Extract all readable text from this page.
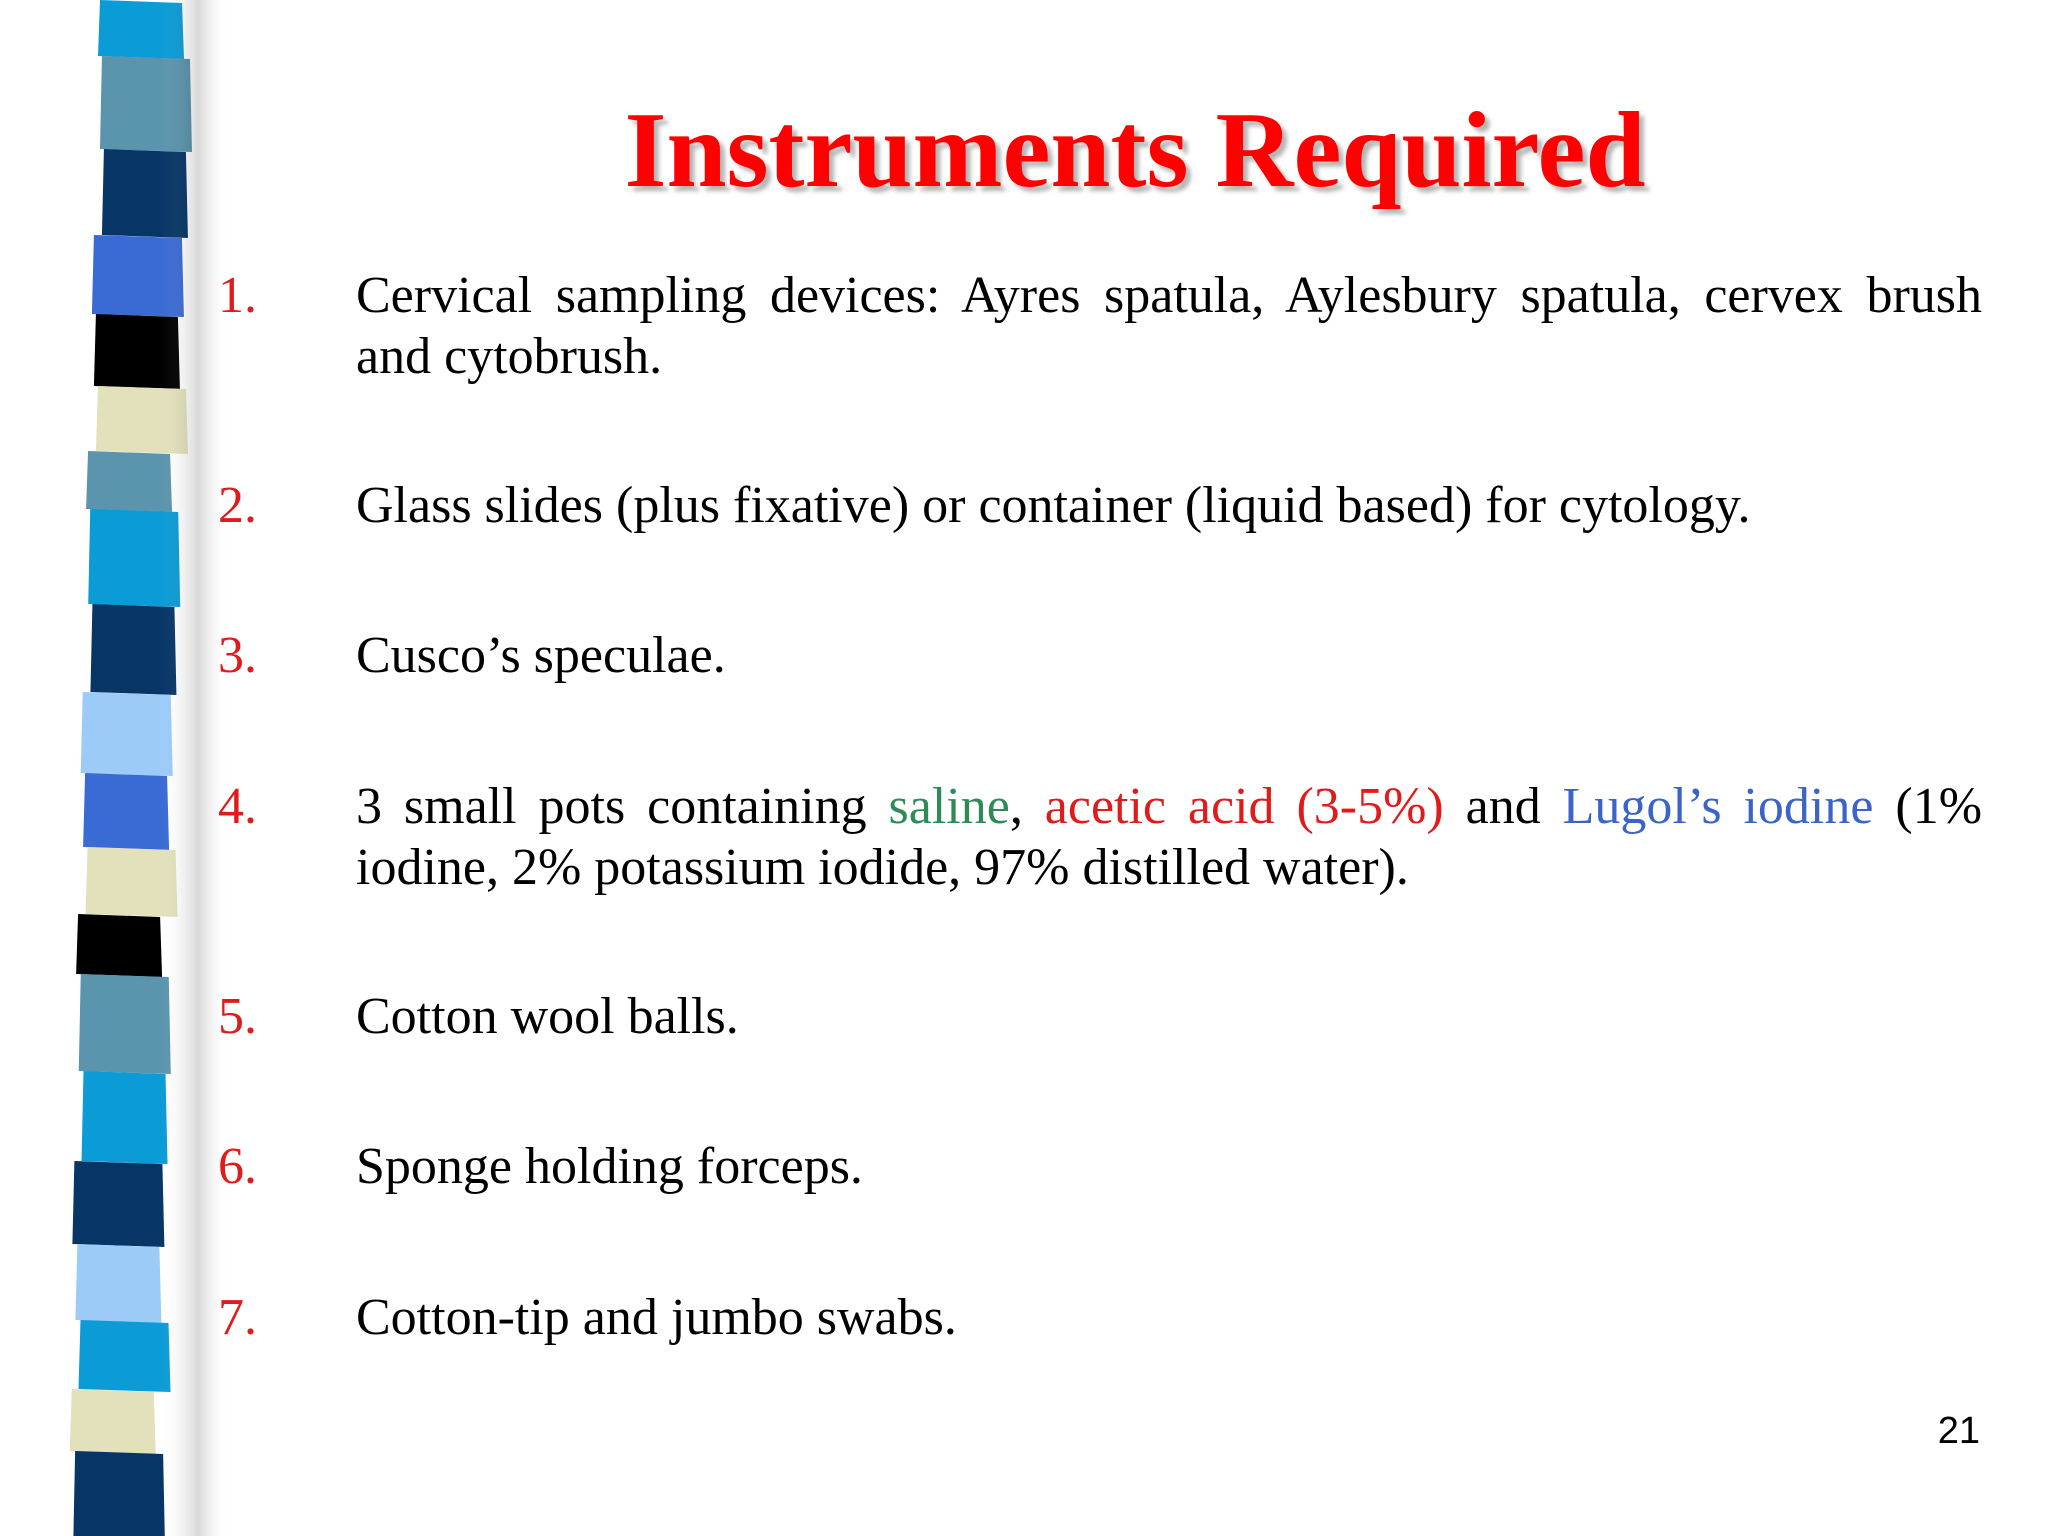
Instruments Required
1.	Cervical sampling devices: Ayres spatula, Aylesbury spatula, cervex brush and cytobrush.
2.	Glass slides (plus fixative) or container (liquid based) for cytology.
3.	Cusco’s speculae.
4.	3 small pots containing saline, acetic acid (3-5%) and Lugol’s iodine (1% iodine, 2% potassium iodide, 97% distilled water).
5.	Cotton wool balls.
6.	Sponge holding forceps.
7.	Cotton-tip and jumbo swabs.
21
